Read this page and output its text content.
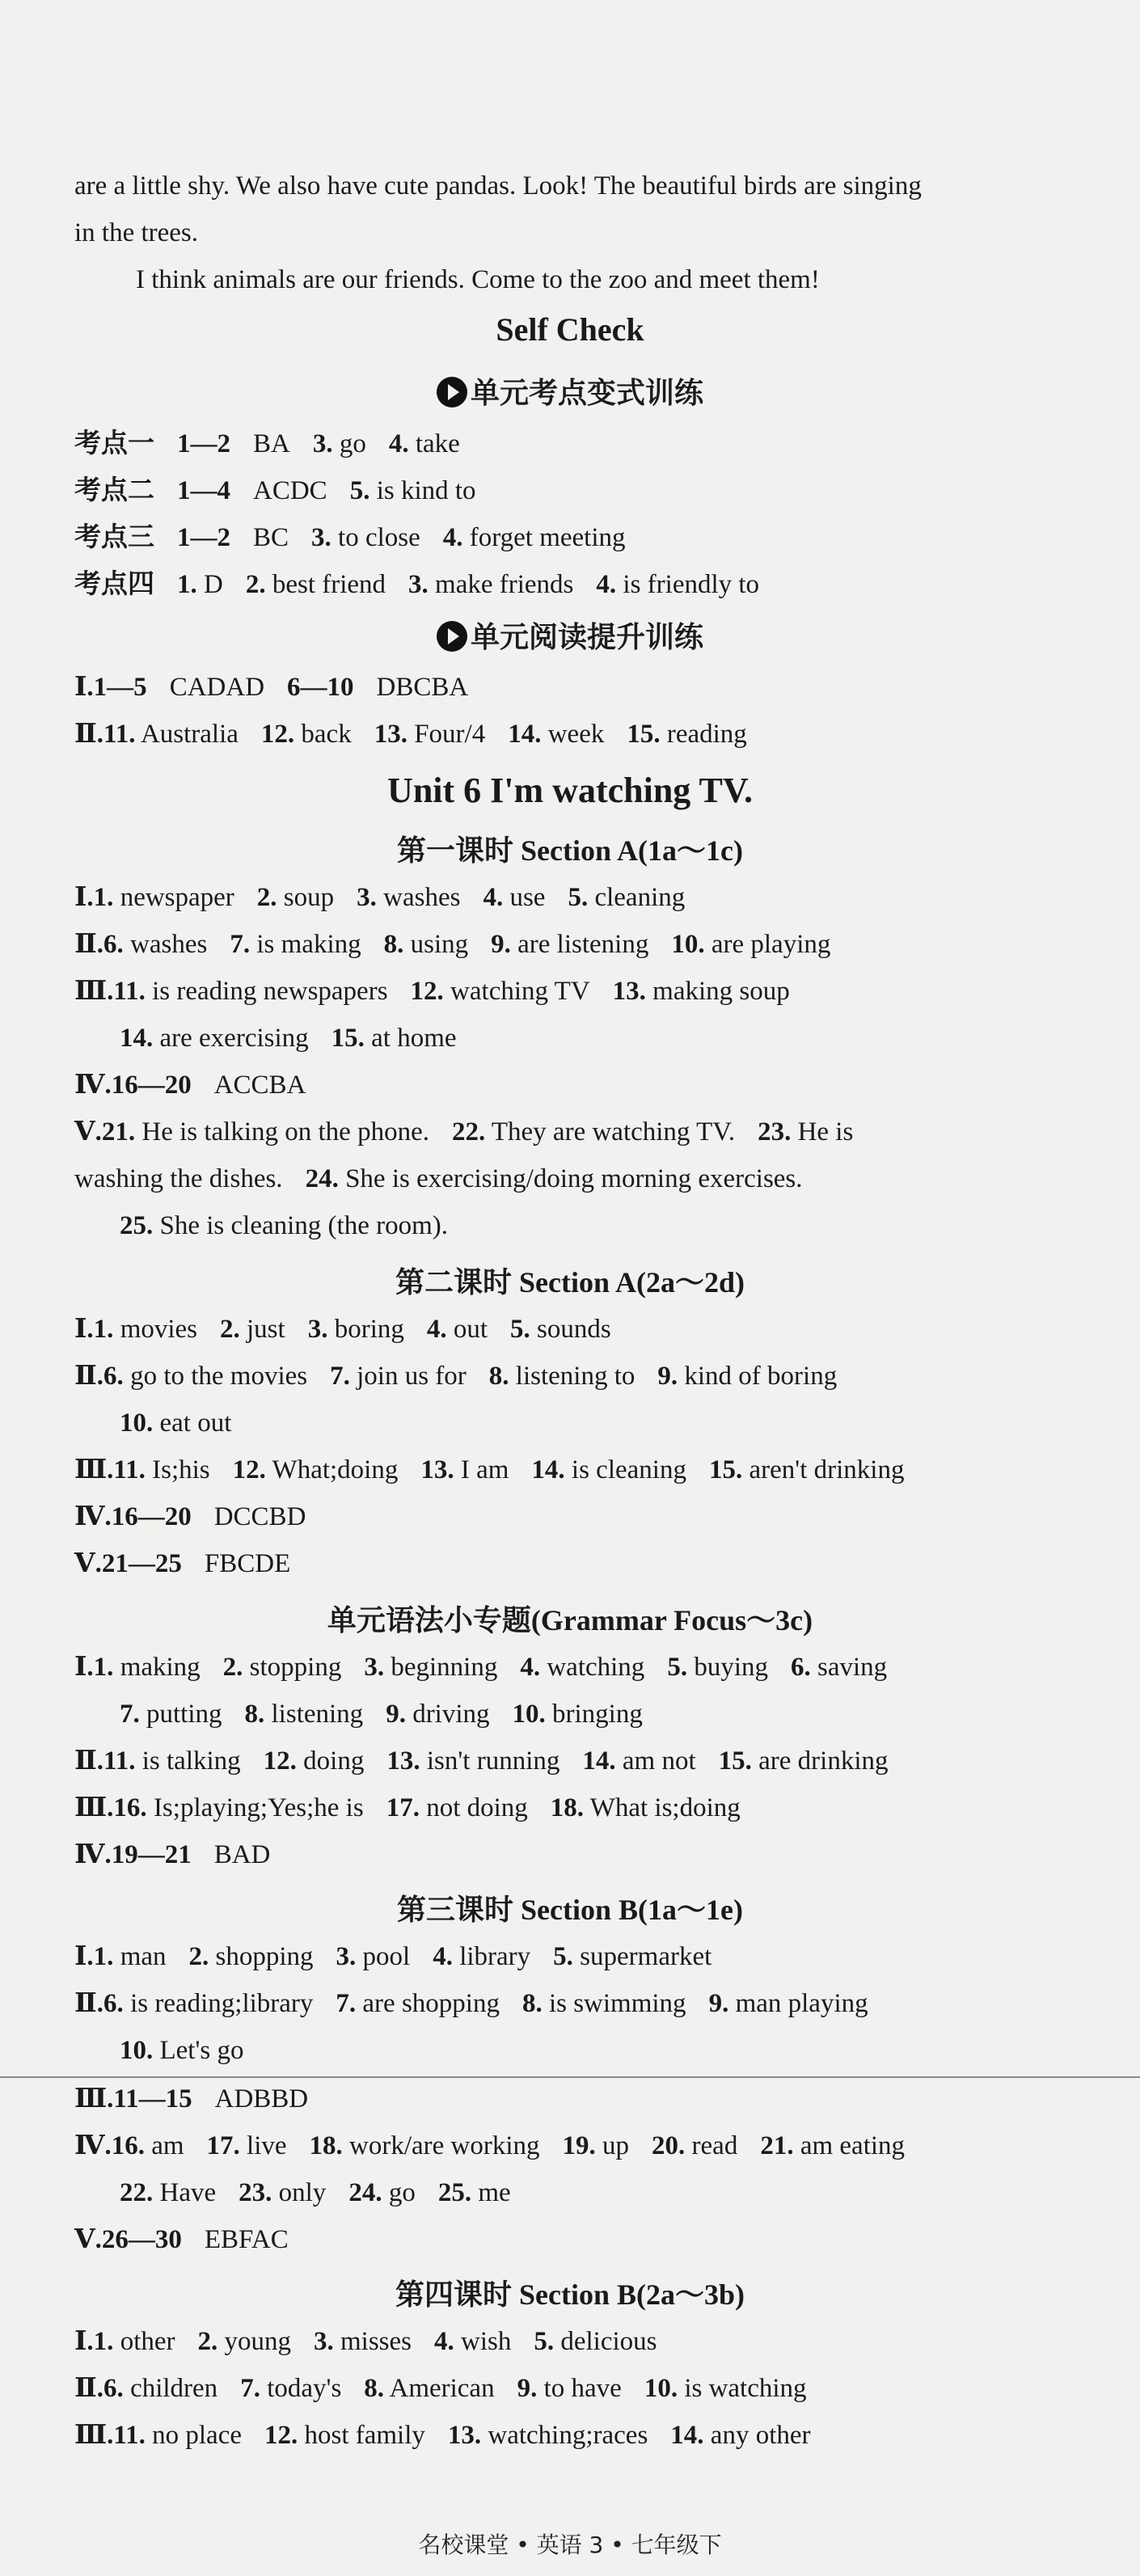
are a little shy. We also have cute pandas. Look! The beautiful birds are singing
in the trees.
I think animals are our friends. Come to the zoo and meet them!
Self Check
单元考点变式训练
考点一 1—2 BA 3. go 4. take
考点二 1—4 ACDC 5. is kind to
考点三 1—2 BC 3. to close 4. forget meeting
考点四 1. D 2. best friend 3. make friends 4. is friendly to
单元阅读提升训练
Ⅰ.1—5 CADAD 6—10 DBCBA
Ⅱ.11. Australia 12. back 13. Four/4 14. week 15. reading
Unit 6 I'm watching TV.
第一课时 Section A(1a～1c)
Ⅰ.1. newspaper 2. soup 3. washes 4. use 5. cleaning
Ⅱ.6. washes 7. is making 8. using 9. are listening 10. are playing
Ⅲ.11. is reading newspapers 12. watching TV 13. making soup
14. are exercising 15. at home
Ⅳ.16—20 ACCBA
Ⅴ.21. He is talking on the phone. 22. They are watching TV. 23. He is
washing the dishes. 24. She is exercising/doing morning exercises.
25. She is cleaning (the room).
第二课时 Section A(2a～2d)
Ⅰ.1. movies 2. just 3. boring 4. out 5. sounds
Ⅱ.6. go to the movies 7. join us for 8. listening to 9. kind of boring
10. eat out
Ⅲ.11. Is;his 12. What;doing 13. I am 14. is cleaning 15. aren't drinking
Ⅳ.16—20 DCCBD
Ⅴ.21—25 FBCDE
单元语法小专题(Grammar Focus～3c)
Ⅰ.1. making 2. stopping 3. beginning 4. watching 5. buying 6. saving
7. putting 8. listening 9. driving 10. bringing
Ⅱ.11. is talking 12. doing 13. isn't running 14. am not 15. are drinking
Ⅲ.16. Is;playing;Yes;he is 17. not doing 18. What is;doing
Ⅳ.19—21 BAD
第三课时 Section B(1a～1e)
Ⅰ.1. man 2. shopping 3. pool 4. library 5. supermarket
Ⅱ.6. is reading;library 7. are shopping 8. is swimming 9. man playing
10. Let's go
Ⅲ.11—15 ADBBD
Ⅳ.16. am 17. live 18. work/are working 19. up 20. read 21. am eating
22. Have 23. only 24. go 25. me
Ⅴ.26—30 EBFAC
第四课时 Section B(2a～3b)
Ⅰ.1. other 2. young 3. misses 4. wish 5. delicious
Ⅱ.6. children 7. today's 8. American 9. to have 10. is watching
Ⅲ.11. no place 12. host family 13. watching;races 14. any other
名校课堂 • 英语 3 • 七年级下
